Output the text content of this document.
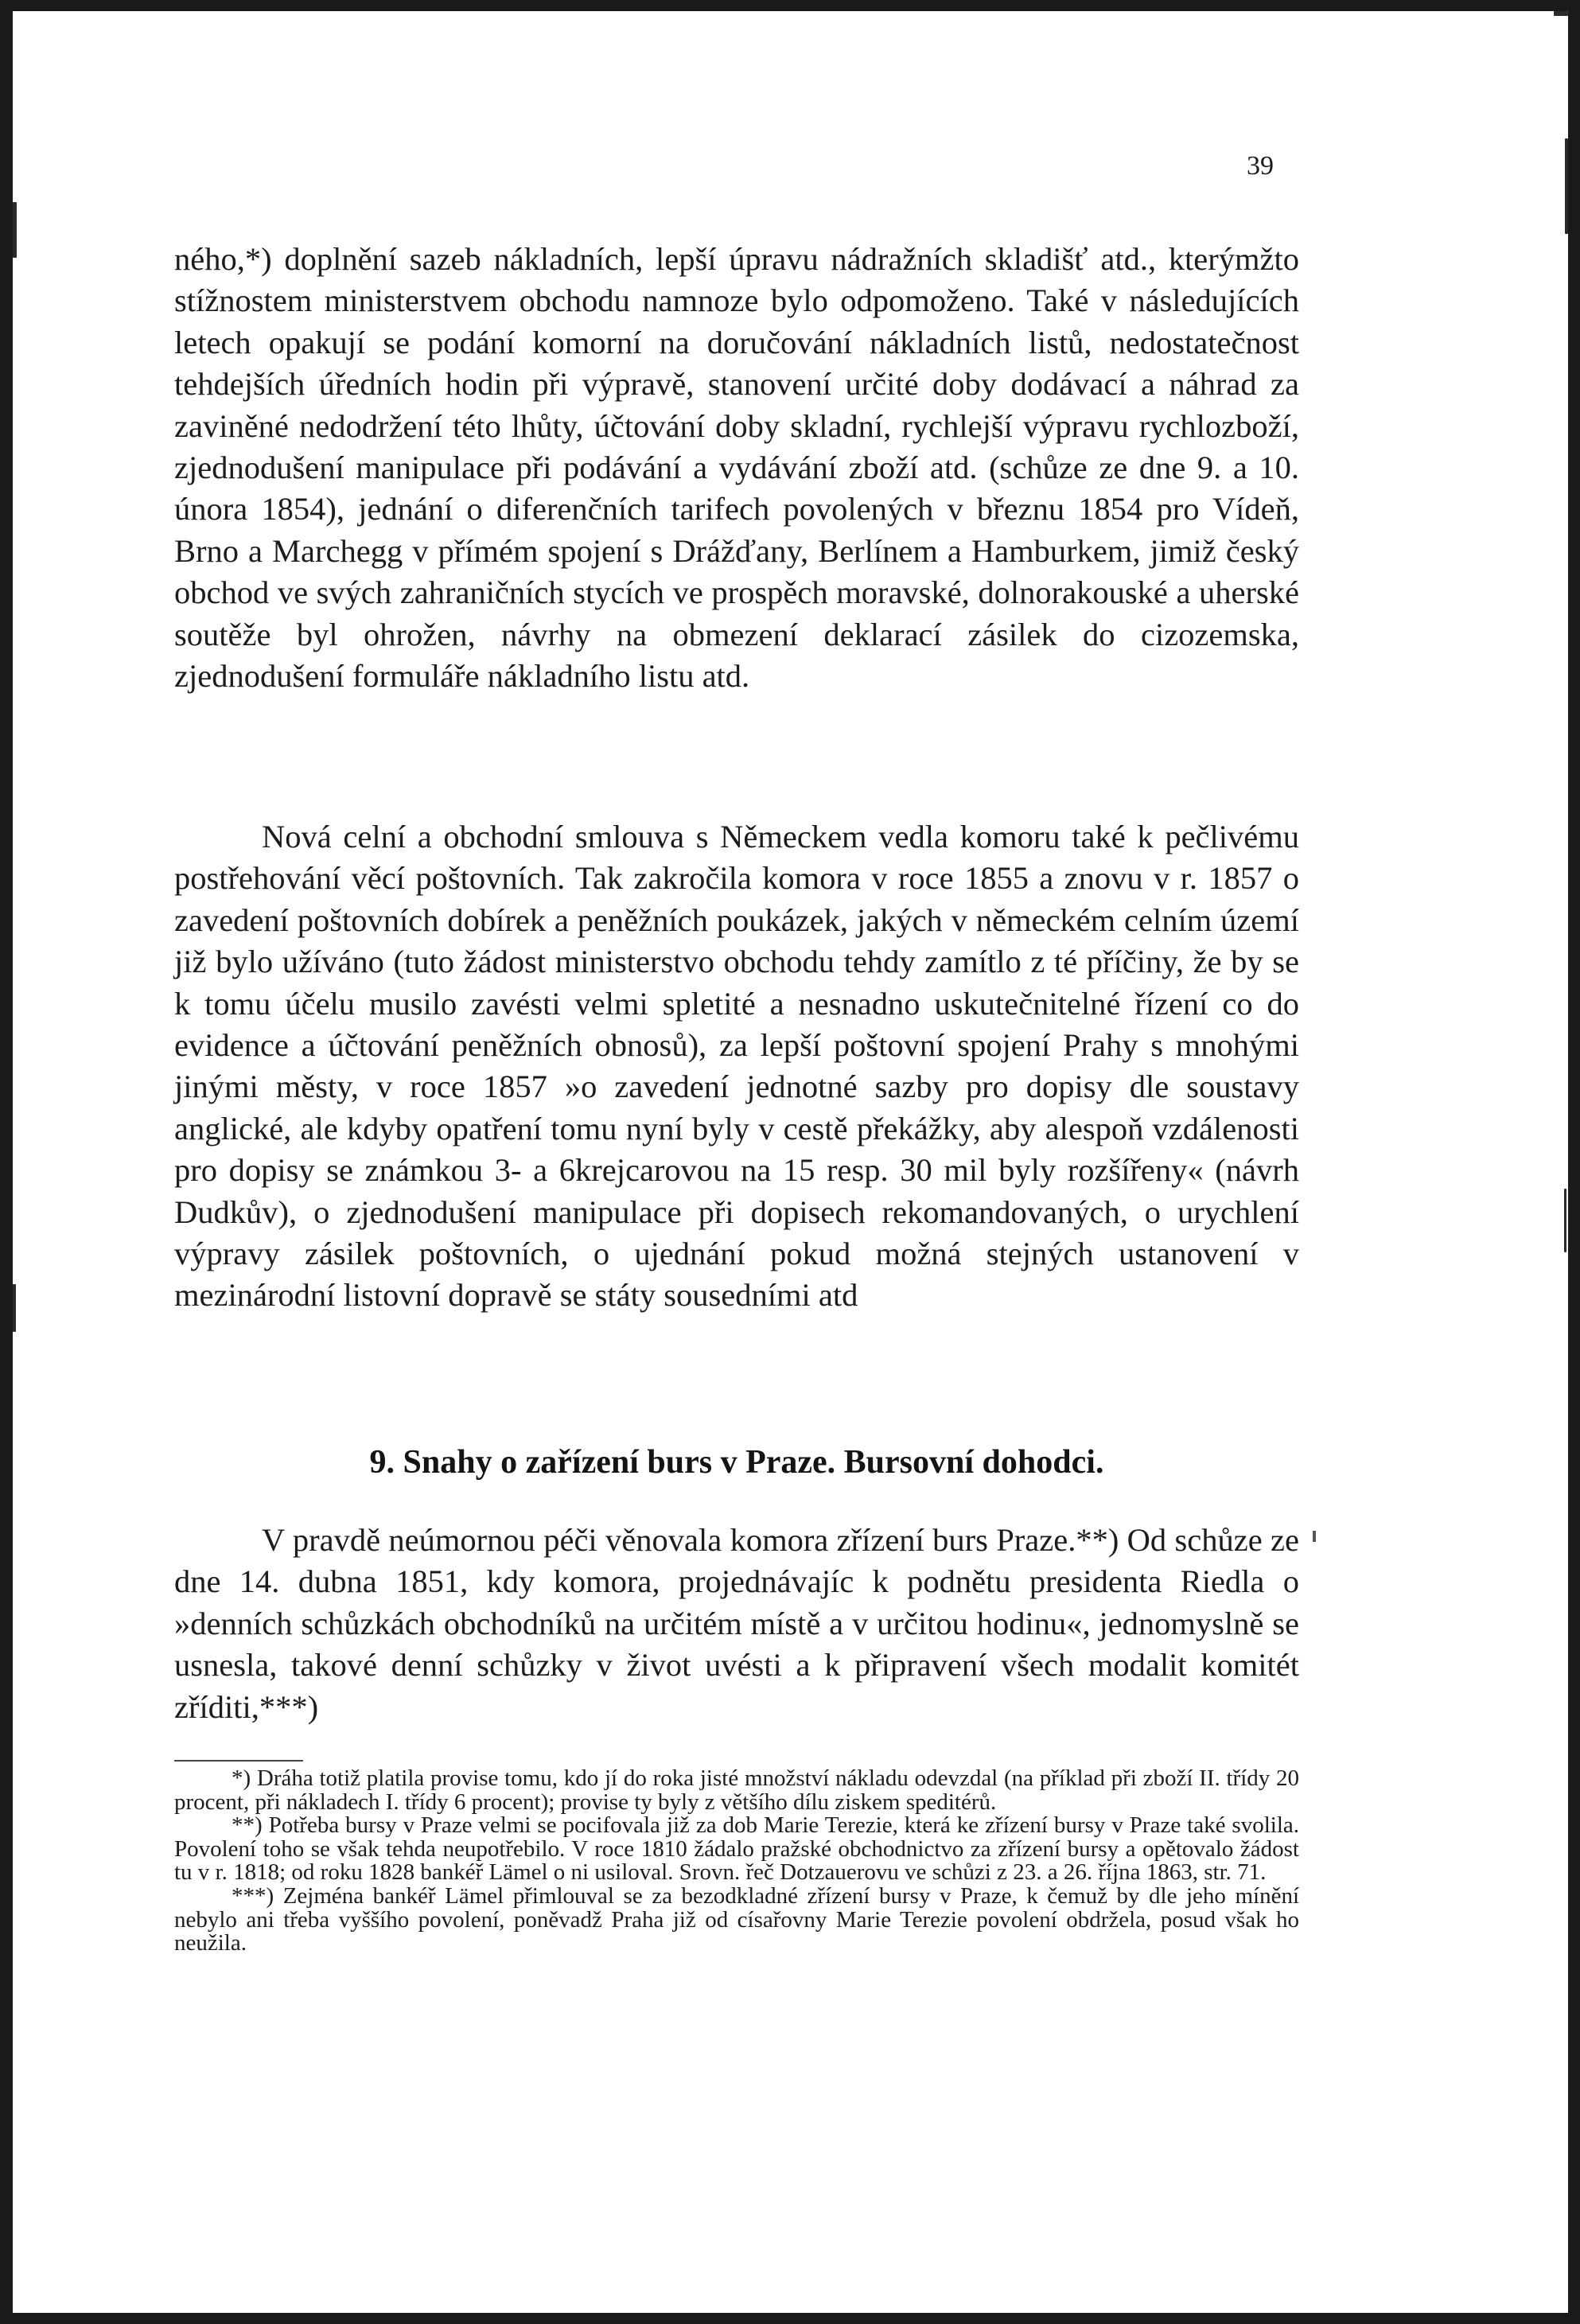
39

ného,*) doplnění sazeb nákladních, lepší úpravu nádražních skladišť atd., kterýmžto stížnostem ministerstvem obchodu namnoze bylo odpomoženo. Také v následujících letech opakují se podání komorní na doručování nákladních listů, nedostatečnost tehdejších úředních hodin při výpravě, stanovení určité doby dodávací a náhrad za zaviněné nedodržení této lhůty, účtování doby skladní, rychlejší výpravu rychlozboží, zjednodušení manipulace při podávání a vydávání zboží atd. (schůze ze dne 9. a 10. února 1854), jednání o diferenčních tarifech povolených v březnu 1854 pro Vídeň, Brno a Marchegg v přímém spojení s Drážďany, Berlínem a Hamburkem, jimiž český obchod ve svých zahraničních stycích ve prospěch moravské, dolnorakouské a uherské soutěže byl ohrožen, návrhy na obmezení deklarací zásilek do cizozemska, zjednodušení formuláře nákladního listu atd.

Nová celní a obchodní smlouva s Německem vedla komoru také k pečlivému postřehování věcí poštovních. Tak zakročila komora v roce 1855 a znovu v r. 1857 o zavedení poštovních dobírek a peněžních poukázek, jakých v německém celním území již bylo užíváno (tuto žádost ministerstvo obchodu tehdy zamítlo z té příčiny, že by se k tomu účelu musilo zavésti velmi spletité a nesnadno uskutečnitelné řízení co do evidence a účtování peněžních obnosů), za lepší poštovní spojení Prahy s mnohými jinými městy, v roce 1857 »o zavedení jednotné sazby pro dopisy dle soustavy anglické, ale kdyby opatření tomu nyní byly v cestě překážky, aby alespoň vzdálenosti pro dopisy se známkou 3- a 6krejcarovou na 15 resp. 30 mil byly rozšířeny« (návrh Dudkův), o zjednodušení manipulace při dopisech rekomandovaných, o urychlení výpravy zásilek poštovních, o ujednání pokud možná stejných ustanovení v mezinárodní listovní dopravě se státy sousedními atd

9. Snahy o zařízení burs v Praze. Bursovní dohodci.

V pravdě neúmornou péči věnovala komora zřízení burs Praze.**) Od schůze ze dne 14. dubna 1851, kdy komora, projednávajíc k podnětu presidenta Riedla o »denních schůzkách obchodníků na určitém místě a v určitou hodinu«, jednomyslně se usnesla, takové denní schůzky v život uvésti a k připravení všech modalit komitét zříditi,***)

*) Dráha totiž platila provise tomu, kdo jí do roka jisté množství nákladu odevzdal (na příklad při zboží II. třídy 20 procent, při nákladech I. třídy 6 procent); provise ty byly z většího dílu ziskem speditérů.

**) Potřeba bursy v Praze velmi se pocifovala již za dob Marie Terezie, která ke zřízení bursy v Praze také svolila. Povolení toho se však tehda neupotřebilo. V roce 1810 žádalo pražské obchodnictvo za zřízení bursy a opětovalo žádost tu v r. 1818; od roku 1828 bankéř Lämel o ni usiloval. Srovn. řeč Dotzauerovu ve schůzi z 23. a 26. října 1863, str. 71.

***) Zejména bankéř Lämel přimlouval se za bezodkladné zřízení bursy v Praze, k čemuž by dle jeho mínění nebylo ani třeba vyššího povolení, poněvadž Praha již od císařovny Marie Terezie povolení obdržela, posud však ho neužila.
